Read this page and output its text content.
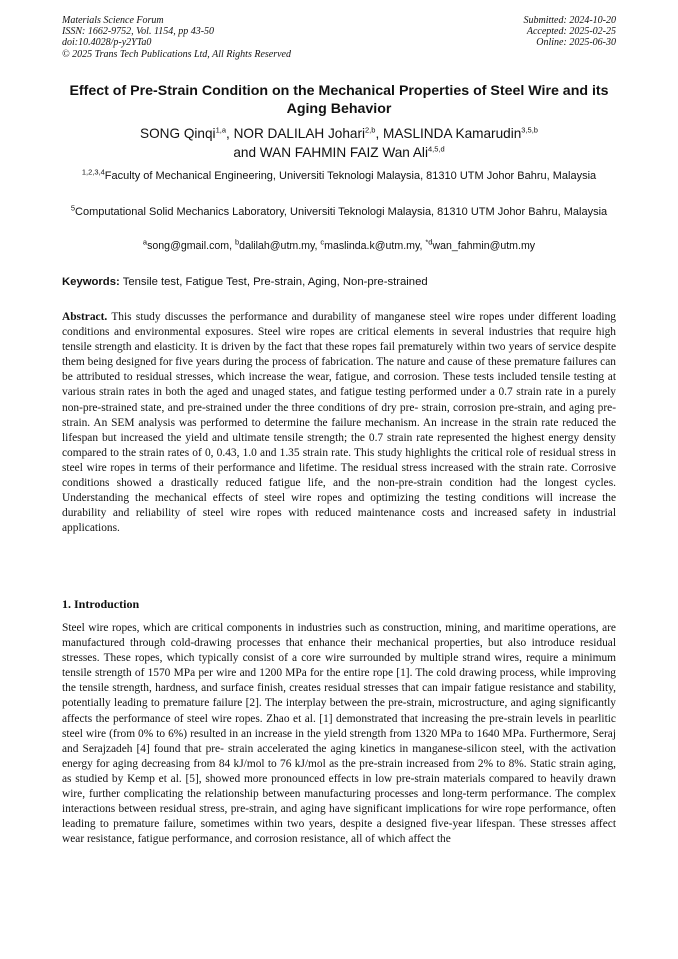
Materials Science Forum
ISSN: 1662-9752, Vol. 1154, pp 43-50
doi:10.4028/p-y2YTa0
© 2025 Trans Tech Publications Ltd, All Rights Reserved
Submitted: 2024-10-20
Accepted: 2025-02-25
Online: 2025-06-30
Effect of Pre-Strain Condition on the Mechanical Properties of Steel Wire and its Aging Behavior
SONG Qinqi$^{1,a}$, NOR DALILAH Johari$^{2,b}$, MASLINDA Kamarudin$^{3,5,b}$
and WAN FAHMIN FAIZ Wan Ali$^{4,5,d}$
$^{1,2,3,4}$Faculty of Mechanical Engineering, Universiti Teknologi Malaysia, 81310 UTM Johor Bahru, Malaysia
$^5$Computational Solid Mechanics Laboratory, Universiti Teknologi Malaysia, 81310 UTM Johor Bahru, Malaysia
$^a$song@gmail.com, $^b$dalilah@utm.my, $^c$maslinda.k@utm.my, $^{*d}$wan_fahmin@utm.my
Keywords: Tensile test, Fatigue Test, Pre-strain, Aging, Non-pre-strained
Abstract. This study discusses the performance and durability of manganese steel wire ropes under different loading conditions and environmental exposures. Steel wire ropes are critical elements in several industries that require high tensile strength and elasticity. It is driven by the fact that these ropes fail prematurely within two years of service despite them being designed for five years during the process of fabrication. The nature and cause of these premature failures can be attributed to residual stresses, which increase the wear, fatigue, and corrosion. These tests included tensile testing at various strain rates in both the aged and unaged states, and fatigue testing performed under a 0.7 strain rate in a purely non-pre-strained state, and pre-strained under the three conditions of dry pre- strain, corrosion pre-strain, and aging pre-strain. An SEM analysis was performed to determine the failure mechanism. An increase in the strain rate reduced the lifespan but increased the yield and ultimate tensile strength; the 0.7 strain rate represented the highest energy density compared to the strain rates of 0, 0.43, 1.0 and 1.35 strain rate. This study highlights the critical role of residual stress in steel wire ropes in terms of their performance and lifetime. The residual stress increased with the strain rate. Corrosive conditions showed a drastically reduced fatigue life, and the non-pre-strain condition had the longest cycles. Understanding the mechanical effects of steel wire ropes and optimizing the testing conditions will increase the durability and reliability of steel wire ropes with reduced maintenance costs and increased safety in industrial applications.
1. Introduction
Steel wire ropes, which are critical components in industries such as construction, mining, and maritime operations, are manufactured through cold-drawing processes that enhance their mechanical properties, but also introduce residual stresses. These ropes, which typically consist of a core wire surrounded by multiple strand wires, require a minimum tensile strength of 1570 MPa per wire and 1200 MPa for the entire rope [1]. The cold drawing process, while improving the tensile strength, hardness, and surface finish, creates residual stresses that can impair fatigue resistance and stability, potentially leading to premature failure [2]. The interplay between the pre-strain, microstructure, and aging significantly affects the performance of steel wire ropes. Zhao et al. [1] demonstrated that increasing the pre-strain levels in pearlitic steel wire (from 0% to 6%) resulted in an increase in the yield strength from 1320 MPa to 1640 MPa. Furthermore, Seraj and Serajzadeh [4] found that pre- strain accelerated the aging kinetics in manganese-silicon steel, with the activation energy for aging decreasing from 84 kJ/mol to 76 kJ/mol as the pre-strain increased from 2% to 8%. Static strain aging, as studied by Kemp et al. [5], showed more pronounced effects in low pre-strain materials compared to heavily drawn wire, further complicating the relationship between manufacturing processes and long-term performance. The complex interactions between residual stress, pre-strain, and aging have significant implications for wire rope performance, often leading to premature failure, sometimes within two years, despite a designed five-year lifespan. These stresses affect wear resistance, fatigue performance, and corrosion resistance, all of which affect the
